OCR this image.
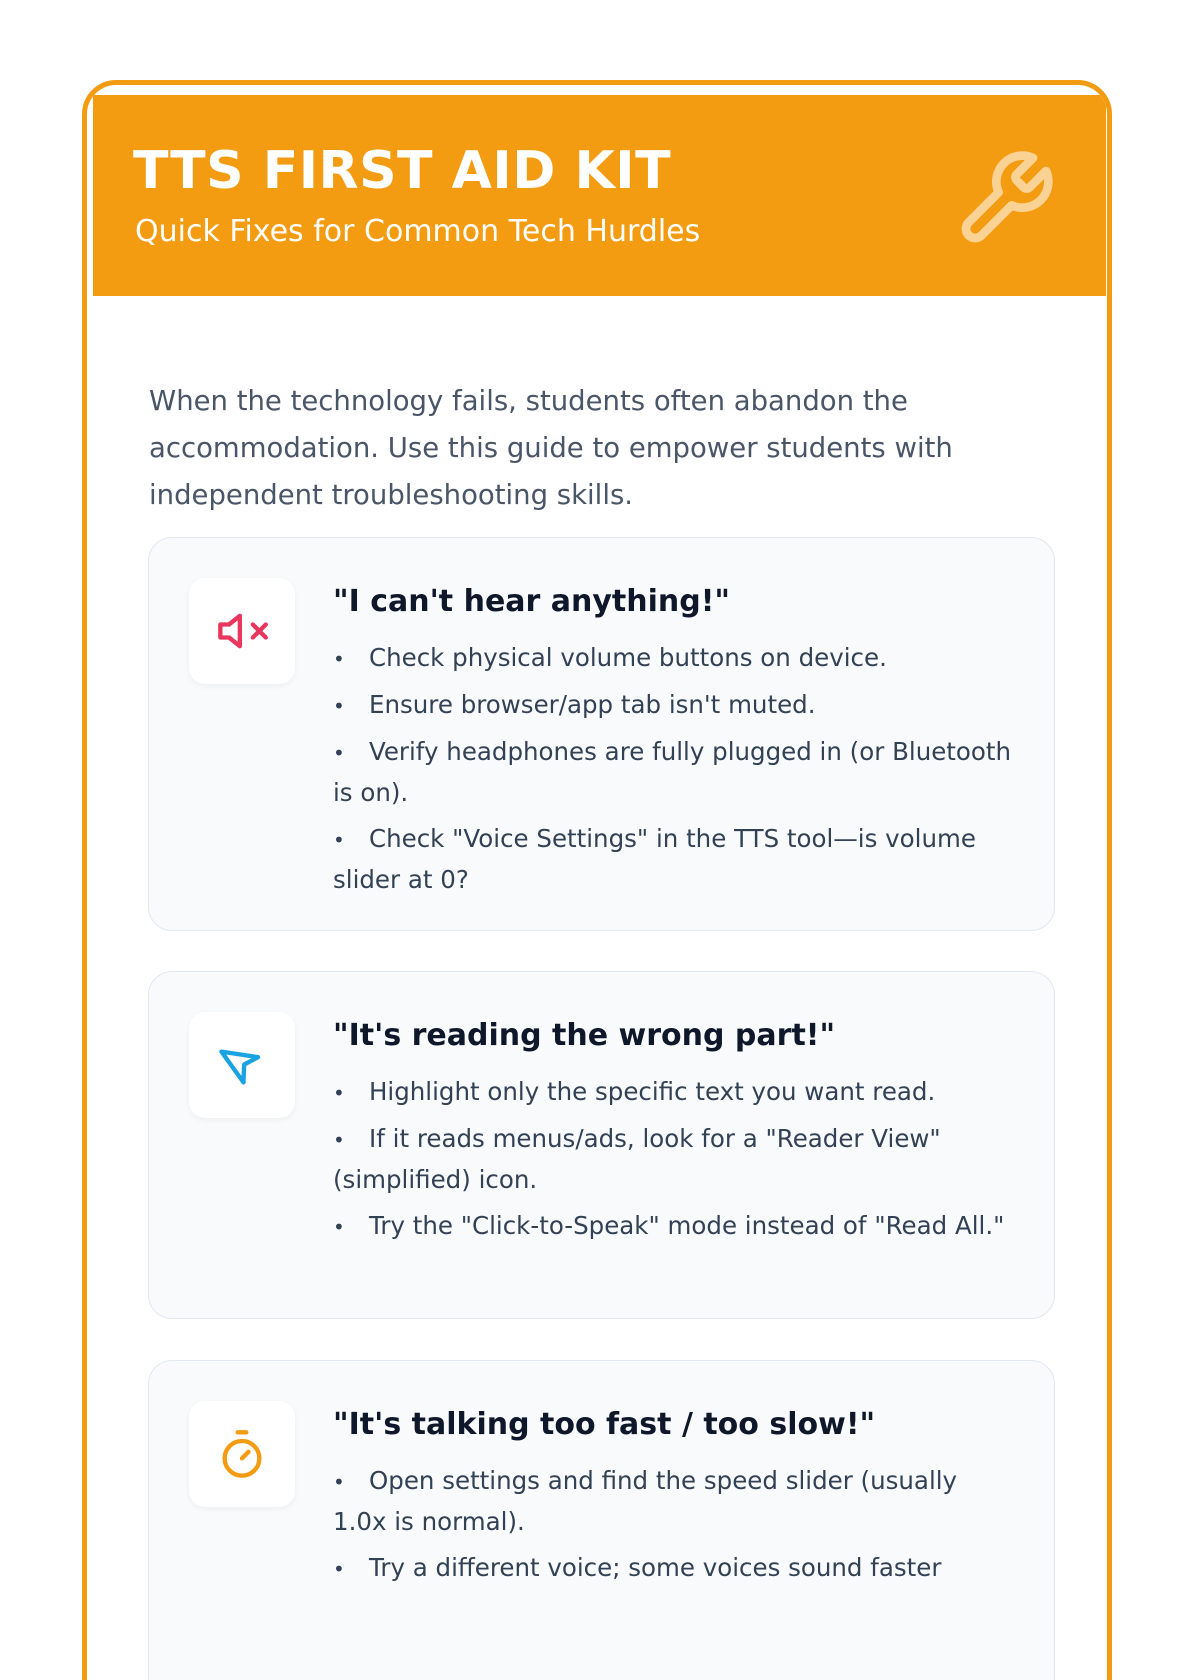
TTS FIRST AID KIT
Quick Fixes for Common Tech Hurdles

When the technology fails, students often abandon the accommodation. Use this guide to empower students with independent troubleshooting skills.

"I can't hear anything!"
• Check physical volume buttons on device.
• Ensure browser/app tab isn't muted.
• Verify headphones are fully plugged in (or Bluetooth is on).
• Check "Voice Settings" in the TTS tool—is volume slider at 0?
"It's reading the wrong part!"
• Highlight only the specific text you want read.
• If it reads menus/ads, look for a "Reader View" (simplified) icon.
• Try the "Click-to-Speak" mode instead of "Read All."
"It's talking too fast / too slow!"
• Open settings and find the speed slider (usually 1.0x is normal).
• Try a different voice; some voices sound faster
